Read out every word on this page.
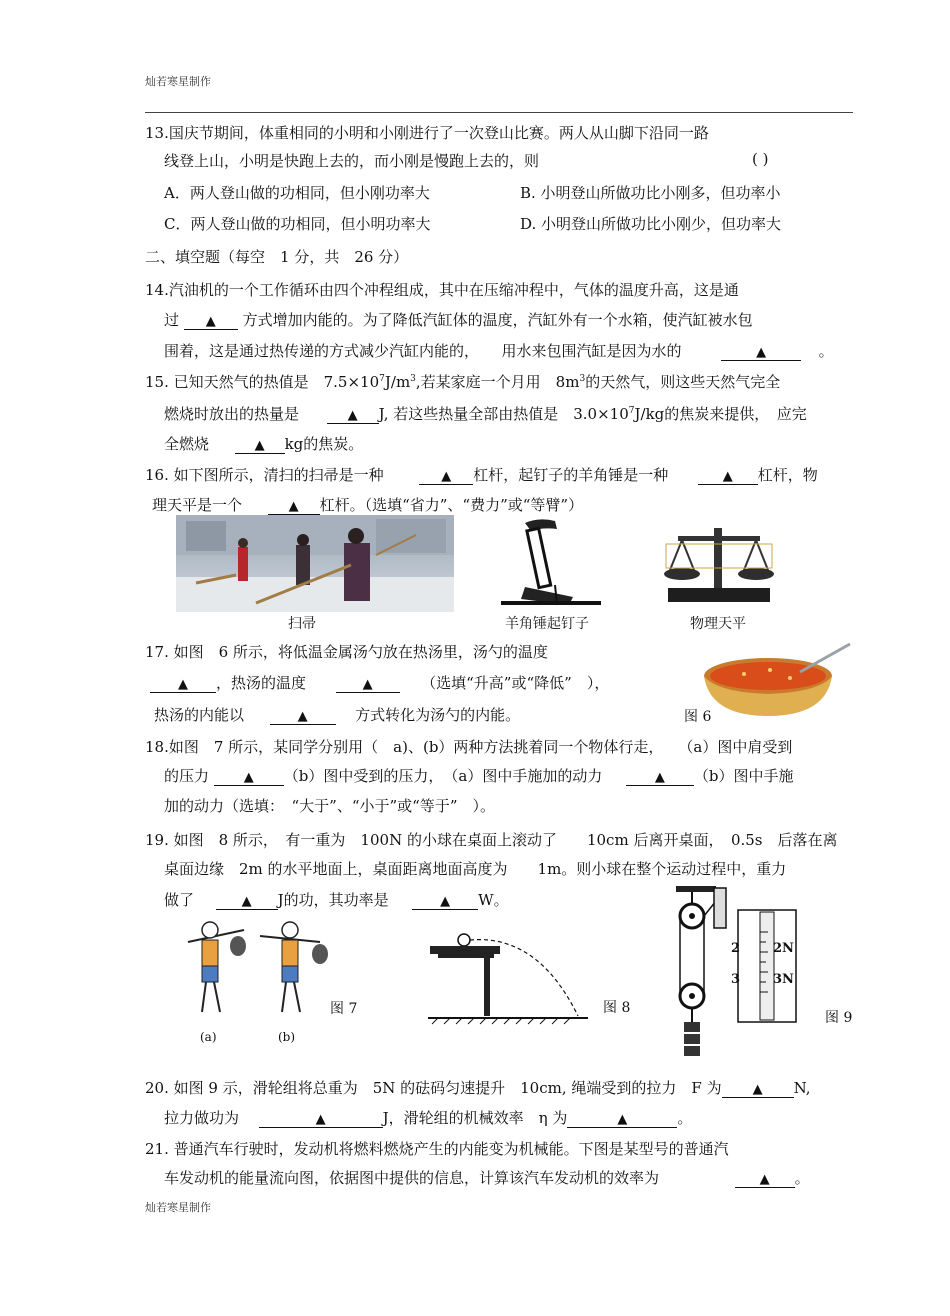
灿若寒星制作
13.国庆节期间，体重相同的小明和小刚进行了一次登山比赛。两人从山脚下沿同一路
线登上山，小明是快跑上去的，而小刚是慢跑上去的，则	( )
A．两人登山做的功相同，但小刚功率大	B. 小明登山所做功比小刚多，但功率小
C．两人登山做的功相同，但小明功率大	D. 小明登山所做功比小刚少，但功率大
二、填空题（每空　1 分，共　26 分）
14.汽油机的一个工作循环由四个冲程组成，其中在压缩冲程中，气体的温度升高，这是通
过 ▲ 方式增加内能的。为了降低汽缸体的温度，汽缸外有一个水箱，使汽缸被水包
围着，这是通过热传递的方式减少汽缸内能的，　　用水来包围汽缸是因为水的	▲	。
15. 已知天然气的热值是　$7.5\times 10^7J/m^3$,若某家庭一个月用　$8m^3$的天然气，则这些天然气完全
燃烧时放出的热量是	▲ J, 若这些热量全部由热值是　$3.0\times 10^7J/kg$的焦炭来提供，　应完
全燃烧	▲ kg的焦炭。
16. 如下图所示，清扫的扫帚是一种	▲ 杠杆，起钉子的羊角锤是一种	▲ 杠杆，物
理天平是一个	▲ 杠杆。（选填“省力”、“费力”或“等臂”）
扫帚	羊角锤起钉子	物理天平
17. 如图　6 所示，将低温金属汤勺放在热汤里，汤勺的温度
▲ ，热汤的温度	▲	（选填“升高”或“降低”　），
热汤的内能以	▲	方式转化为汤勺的内能。	图 6
18.如图　7 所示，某同学分别用（　a)、(b）两种方法挑着同一个物体行走，　　（a）图中肩受到
的压力	▲ （b）图中受到的压力，　（a）图中手施加的动力	▲ （b）图中手施
加的动力（选填：　“大于”、“小于”或“等于”　）。
19. 如图　8 所示，　有一重为　100N 的小球在桌面上滚动了　　10cm 后离开桌面，　0.5s　后落在离
桌面边缘　2m 的水平地面上，桌面距离地面高度为　　1m。则小球在整个运动过程中，重力
做了	▲ J的功，其功率是	▲ W。
(a)	(b)
图 7	图 8
2
3
2N
3N
图 9
20. 如图 9 示，滑轮组将总重为　5N 的砝码匀速提升　10cm, 绳端受到的拉力　F 为 ▲ N,
拉力做功为	▲	J，滑轮组的机械效率　η 为	▲	。
21. 普通汽车行驶时，发动机将燃料燃烧产生的内能变为机械能。下图是某型号的普通汽
车发动机的能量流向图，依据图中提供的信息，计算该汽车发动机的效率为	▲ 。
灿若寒星制作
